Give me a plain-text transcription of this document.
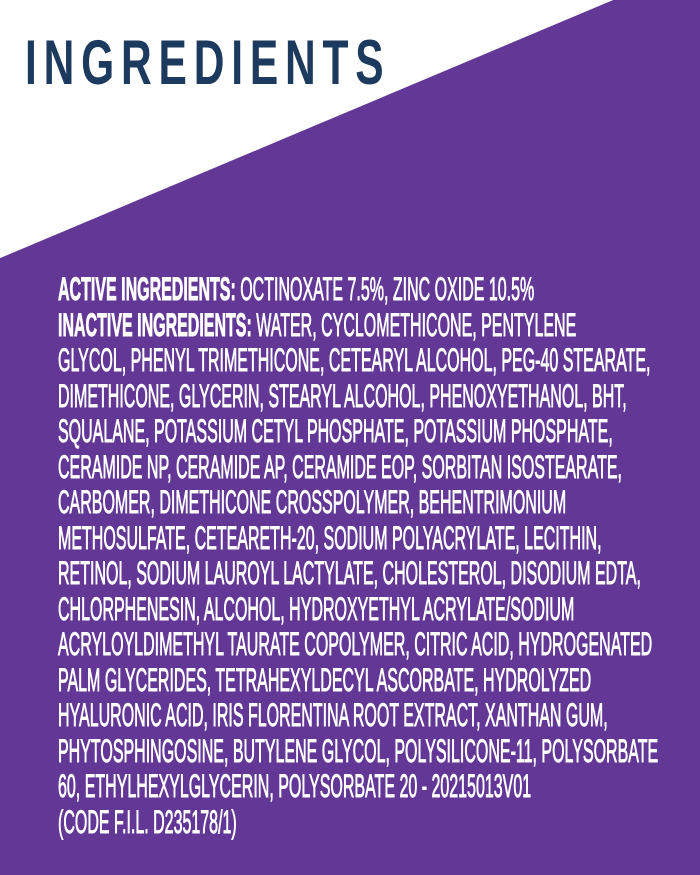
INGREDIENTS
ACTIVE INGREDIENTS: OCTINOXATE 7.5%, ZINC OXIDE 10.5%
INACTIVE INGREDIENTS: WATER, CYCLOMETHICONE, PENTYLENE
GLYCOL, PHENYL TRIMETHICONE, CETEARYL ALCOHOL, PEG-40 STEARATE,
DIMETHICONE, GLYCERIN, STEARYL ALCOHOL, PHENOXYETHANOL, BHT,
SQUALANE, POTASSIUM CETYL PHOSPHATE, POTASSIUM PHOSPHATE,
CERAMIDE NP, CERAMIDE AP, CERAMIDE EOP, SORBITAN ISOSTEARATE,
CARBOMER, DIMETHICONE CROSSPOLYMER, BEHENTRIMONIUM
METHOSULFATE, CETEARETH-20, SODIUM POLYACRYLATE, LECITHIN,
RETINOL, SODIUM LAUROYL LACTYLATE, CHOLESTEROL, DISODIUM EDTA,
CHLORPHENESIN, ALCOHOL, HYDROXYETHYL ACRYLATE/SODIUM
ACRYLOYLDIMETHYL TAURATE COPOLYMER, CITRIC ACID, HYDROGENATED
PALM GLYCERIDES, TETRAHEXYLDECYL ASCORBATE, HYDROLYZED
HYALURONIC ACID, IRIS FLORENTINA ROOT EXTRACT, XANTHAN GUM,
PHYTOSPHINGOSINE, BUTYLENE GLYCOL, POLYSILICONE-11, POLYSORBATE
60, ETHYLHEXYLGLYCERIN, POLYSORBATE 20 - 20215013V01
(CODE F.I.L. D235178/1)
